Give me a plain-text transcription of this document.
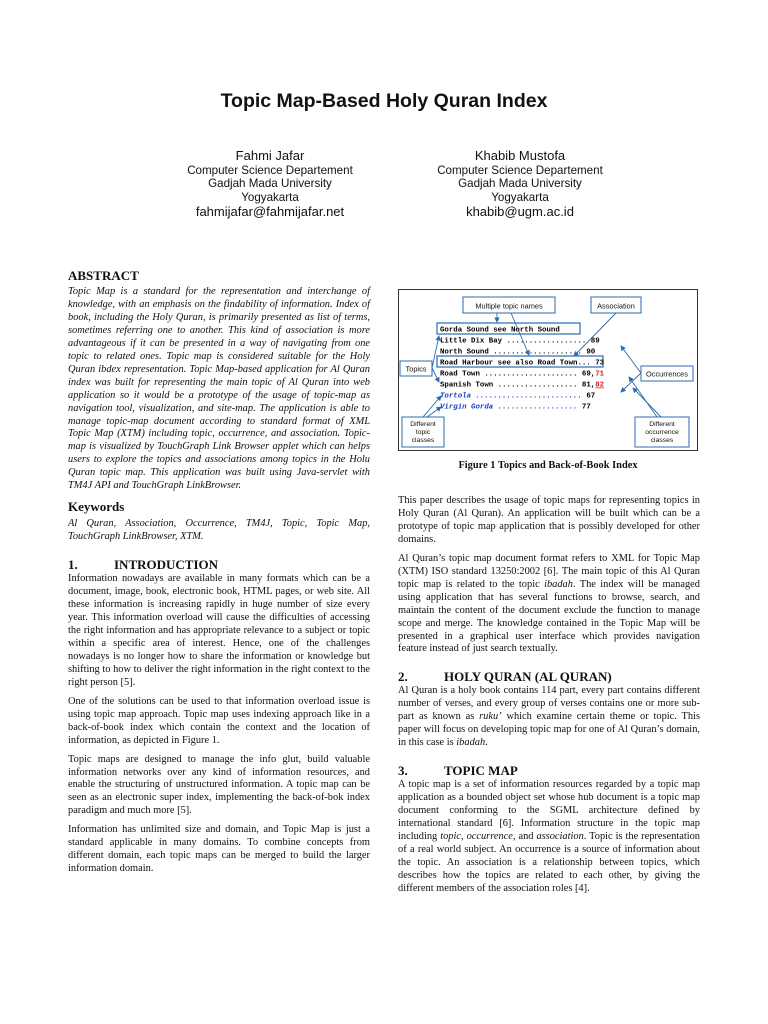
Topic Map-Based Holy Quran Index
Fahmi Jafar
Computer Science Departement
Gadjah Mada University
Yogyakarta
fahmijafar@fahmijafar.net
Khabib Mustofa
Computer Science Departement
Gadjah Mada University
Yogyakarta
khabib@ugm.ac.id
ABSTRACT

Topic Map is a standard for the representation and interchange of knowledge, with an emphasis on the findability of information. Index of book, including the Holy Quran, is primarily presented as list of terms, sometimes referring one to another. This kind of association is more advantageous if it can be presented in a way of navigating from one topic to related ones. Topic map is considered suitable for the Holy Quran ibdex representation. Topic Map-based application for Al Quran index was built for representing the main topic of Al Quran into web application so it would be a prototype of the usage of topic-map as navigation tool, visualization, and site-map. The application is able to manage topic-map document according to standard format of XML Topic Map (XTM) including topic, occurrence, and association. Topic-map is visualized by TouchGraph Link Browser applet which can helps users to explore the topics and associations among topics in the Holu Quran topic map. This application was built using Java-servlet with TM4J API and TouchGraph LinkBrowser.

Keywords

Al Quran, Association, Occurrence, TM4J, Topic, Topic Map, TouchGraph LinkBrowser, XTM.

1.	INTRODUCTION

Information nowadays are available in many formats which can be a document, image, book, electronic book, HTML pages, or web site. All these information is increasing rapidly in huge number of size every year. This information overload will cause the difficulties of accessing the right information and has appropriate relevance to a subject or topic within a specific area of interest. Hence, one of the challenges nowadays is no longer how to share the information or knowledge but shifting to how to deliver the right information in the right context to the right person [5].

One of the solutions can be used to that information overload issue is using topic map approach. Topic map uses indexing approach like in a back-of-book index which contain the context and the location of information, as depicted in Figure 1.

Topic maps are designed to manage the info glut, build valuable information networks over any kind of information resources, and enable the structuring of unstructured information. A topic map can be seen as an electronic super index, implementing the back-of-bok index paradigm and much more [5].

Information has unlimited size and domain, and Topic Map is just a standard applicable in many domains. To combine concepts from different domain, each topic maps can be merged to build the larger information domain.

Multiple topic names	Association
Topics
Occurrences
Different
topic
classes
Different
occurrence
classes
Gorda Sound see North Sound
Little Dix Bay .................. 89
North Sound .................... 90
Road Harbour see also Road Town... 73
Road Town ..................... 69,71
Spanish Town .................. 81,82
Tortola ........................ 67
Virgin Gorda .................. 77
Figure 1 Topics and Back-of-Book Index

This paper describes the usage of topic maps for representing topics in Holy Quran (Al Quran). An application will be built which can be a prototype of topic map application that is possibly developed for other domains.

Al Quran’s topic map document format refers to XML for Topic Map (XTM) ISO standard 13250:2002 [6]. The main topic of this Al Quran topic map is related to the topic ibadah. The index will be managed using application that has several functions to browse, search, and maintain the content of the document exclude the function to manage scope and merge. The knowledge contained in the Topic Map will be presented in a graphical user interface which provides navigation feature instead of just search textually.

2.	HOLY QURAN (AL QURAN)

Al Quran is a holy book contains 114 part, every part contains different number of verses, and every group of verses contains one or more sub-part as known as ruku’ which examine certain theme or topic. This paper will focus on developing topic map for one of Al Quran’s domain, in this case is ibadah.

3.	TOPIC MAP

A topic map is a set of information resources regarded by a topic map application as a bounded object set whose hub document is a topic map document conforming to the SGML architecture defined by international standard [6]. Information structure in the topic map including topic, occurrence, and association. Topic is the representation of a real world subject. An occurrence is a source of information about the topic. An association is a relationship between topics, which describes how the topics are related to each other, by giving the different members of the association roles [4].
